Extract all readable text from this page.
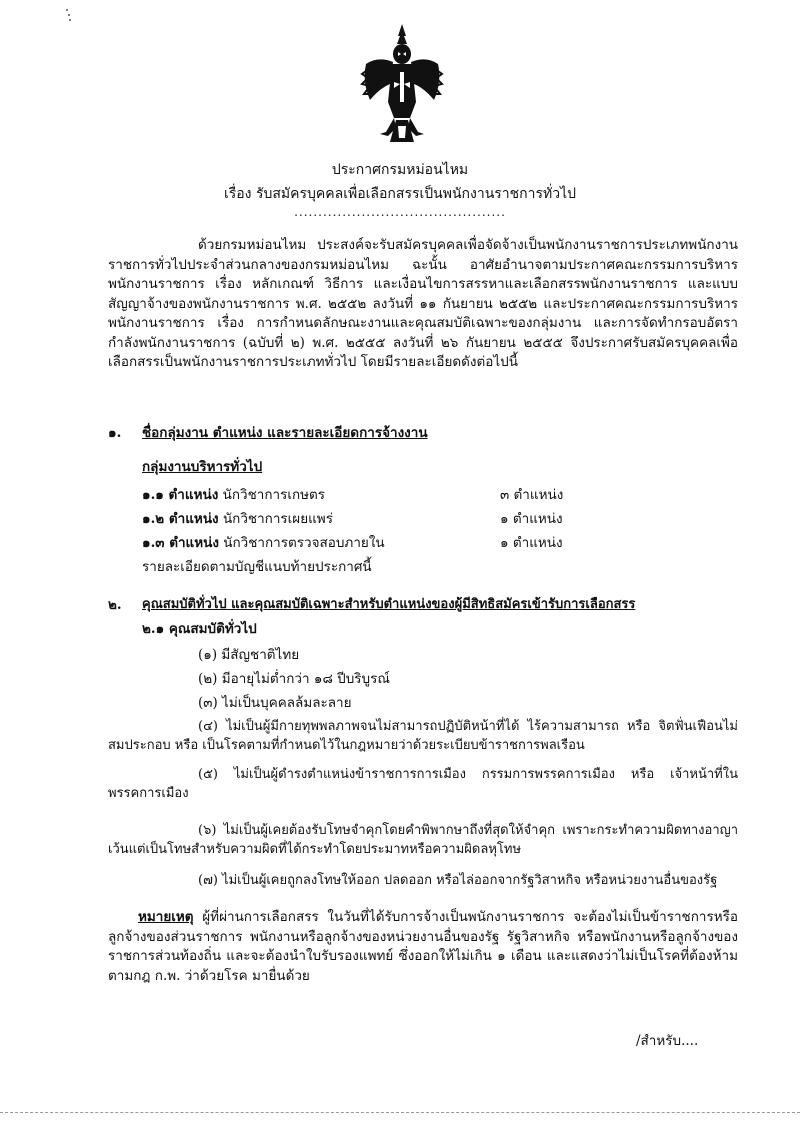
ประกาศกรมหม่อนไหม
เรื่อง รับสมัครบุคคลเพื่อเลือกสรรเป็นพนักงานราชการทั่วไป
............................................
ด้วยกรมหม่อนไหม ประสงค์จะรับสมัครบุคคลเพื่อจัดจ้างเป็นพนักงานราชการประเภทพนักงานราชการทั่วไปประจำส่วนกลางของกรมหม่อนไหม ฉะนั้น อาศัยอำนาจตามประกาศคณะกรรมการบริหารพนักงานราชการ เรื่อง หลักเกณฑ์ วิธีการ และเงื่อนไขการสรรหาและเลือกสรรพนักงานราชการ และแบบสัญญาจ้างของพนักงานราชการ พ.ศ. ๒๕๕๒ ลงวันที่ ๑๑ กันยายน ๒๕๕๒ และประกาศคณะกรรมการบริหารพนักงานราชการ เรื่อง การกำหนดลักษณะงานและคุณสมบัติเฉพาะของกลุ่มงาน และการจัดทำกรอบอัตรากำลังพนักงานราชการ (ฉบับที่ ๒) พ.ศ. ๒๕๕๕ ลงวันที่ ๒๖ กันยายน ๒๕๕๕ จึงประกาศรับสมัครบุคคลเพื่อเลือกสรรเป็นพนักงานราชการประเภททั่วไป โดยมีรายละเอียดดังต่อไปนี้
๑. ชื่อกลุ่มงาน ตำแหน่ง และรายละเอียดการจ้างงาน
กลุ่มงานบริหารทั่วไป
๑.๑ ตำแหน่ง นักวิชาการเกษตร	๓ ตำแหน่ง
๑.๒ ตำแหน่ง นักวิชาการเผยแพร่	๑ ตำแหน่ง
๑.๓ ตำแหน่ง นักวิชาการตรวจสอบภายใน	๑ ตำแหน่ง
รายละเอียดตามบัญชีแนบท้ายประกาศนี้
๒. คุณสมบัติทั่วไป และคุณสมบัติเฉพาะสำหรับตำแหน่งของผู้มีสิทธิสมัครเข้ารับการเลือกสรร
๒.๑ คุณสมบัติทั่วไป
(๑) มีสัญชาติไทย
(๒) มีอายุไม่ต่ำกว่า ๑๘ ปีบริบูรณ์
(๓) ไม่เป็นบุคคลล้มละลาย
(๔) ไม่เป็นผู้มีกายทุพพลภาพจนไม่สามารถปฏิบัติหน้าที่ได้ ไร้ความสามารถ หรือ จิตฟั่นเฟือนไม่สมประกอบ หรือ เป็นโรคตามที่กำหนดไว้ในกฎหมายว่าด้วยระเบียบข้าราชการพลเรือน
(๕) ไม่เป็นผู้ดำรงตำแหน่งข้าราชการการเมือง กรรมการพรรคการเมือง หรือ เจ้าหน้าที่ในพรรคการเมือง
(๖) ไม่เป็นผู้เคยต้องรับโทษจำคุกโดยคำพิพากษาถึงที่สุดให้จำคุก เพราะกระทำความผิดทางอาญา เว้นแต่เป็นโทษสำหรับความผิดที่ได้กระทำโดยประมาทหรือความผิดลหุโทษ
(๗) ไม่เป็นผู้เคยถูกลงโทษให้ออก ปลดออก หรือไล่ออกจากรัฐวิสาหกิจ หรือหน่วยงานอื่นของรัฐ
หมายเหตุ ผู้ที่ผ่านการเลือกสรร ในวันที่ได้รับการจ้างเป็นพนักงานราชการ จะต้องไม่เป็นข้าราชการหรือลูกจ้างของส่วนราชการ พนักงานหรือลูกจ้างของหน่วยงานอื่นของรัฐ รัฐวิสาหกิจ หรือพนักงานหรือลูกจ้างของราชการส่วนท้องถิ่น และจะต้องนำใบรับรองแพทย์ ซึ่งออกให้ไม่เกิน ๑ เดือน และแสดงว่าไม่เป็นโรคที่ต้องห้ามตามกฎ ก.พ. ว่าด้วยโรค มายื่นด้วย
/สำหรับ....
